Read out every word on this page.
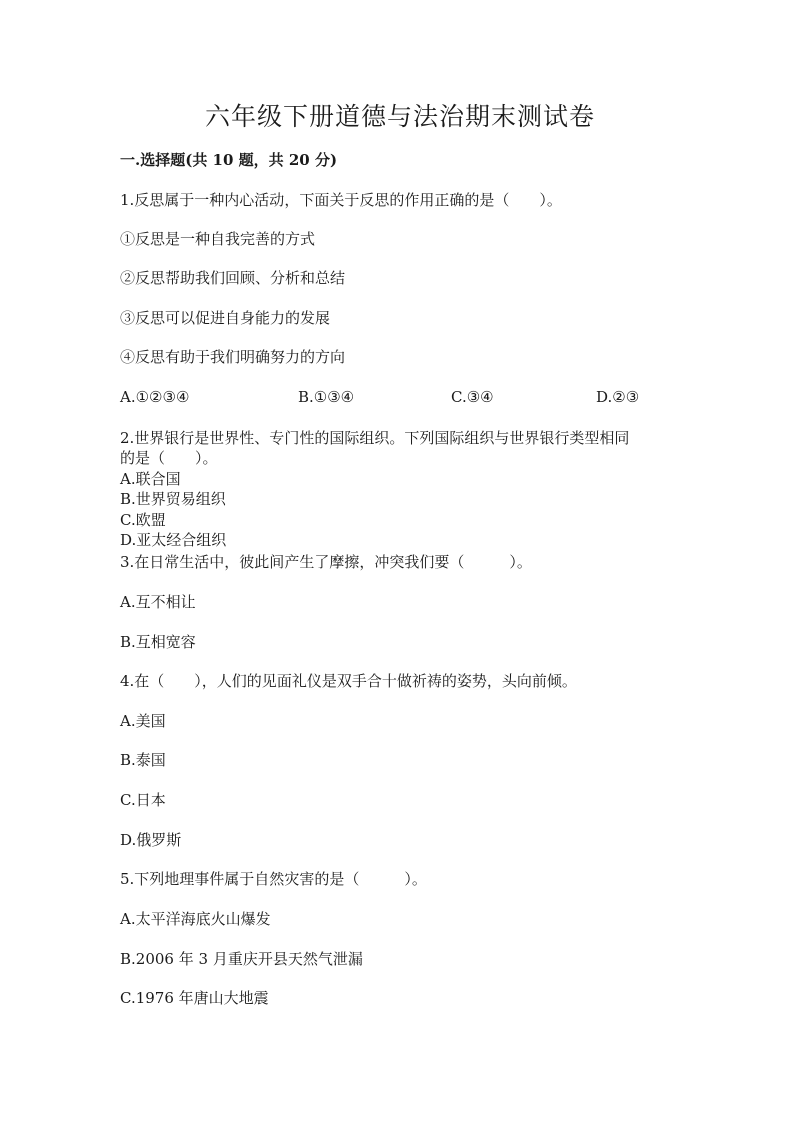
六年级下册道德与法治期末测试卷
一.选择题(共 10 题，共 20 分)
1.反思属于一种内心活动，下面关于反思的作用正确的是（　　）。
①反思是一种自我完善的方式
②反思帮助我们回顾、分析和总结
③反思可以促进自身能力的发展
④反思有助于我们明确努力的方向
A.①②③④	B.①③④	C.③④	D.②③
2.世界银行是世界性、专门性的国际组织。下列国际组织与世界银行类型相同
的是（　　）。
A.联合国
B.世界贸易组织
C.欧盟
D.亚太经合组织
3.在日常生活中，彼此间产生了摩擦，冲突我们要（　　　）。
A.互不相让
B.互相宽容
4.在（　　），人们的见面礼仪是双手合十做祈祷的姿势，头向前倾。
A.美国
B.泰国
C.日本
D.俄罗斯
5.下列地理事件属于自然灾害的是（　　　）。
A.太平洋海底火山爆发
B.2006 年 3 月重庆开县天然气泄漏
C.1976 年唐山大地震
